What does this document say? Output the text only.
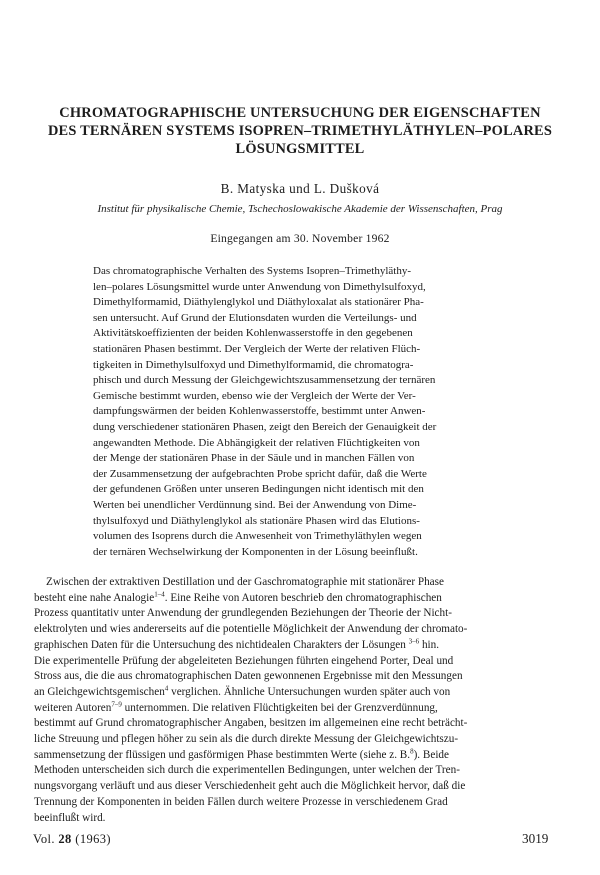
CHROMATOGRAPHISCHE UNTERSUCHUNG DER EIGENSCHAFTEN
DES TERNÄREN SYSTEMS ISOPREN–TRIMETHYLÄTHYLEN–POLARES
LÖSUNGSMITTEL
B. Matyska und L. Dušková
Institut für physikalische Chemie, Tschechoslowakische Akademie der Wissenschaften, Prag
Eingegangen am 30. November 1962
Das chromatographische Verhalten des Systems Isopren–Trimethyläthy-
len–polares Lösungsmittel wurde unter Anwendung von Dimethylsulfoxyd,
Dimethylformamid, Diäthylenglykol und Diäthyloxalat als stationärer Pha-
sen untersucht. Auf Grund der Elutionsdaten wurden die Verteilungs- und
Aktivitätskoeffizienten der beiden Kohlenwasserstoffe in den gegebenen
stationären Phasen bestimmt. Der Vergleich der Werte der relativen Flüch-
tigkeiten in Dimethylsulfoxyd und Dimethylformamid, die chromatogra-
phisch und durch Messung der Gleichgewichtszusammensetzung der ternären
Gemische bestimmt wurden, ebenso wie der Vergleich der Werte der Ver-
dampfungswärmen der beiden Kohlenwasserstoffe, bestimmt unter Anwen-
dung verschiedener stationären Phasen, zeigt den Bereich der Genauigkeit der
angewandten Methode. Die Abhängigkeit der relativen Flüchtigkeiten von
der Menge der stationären Phase in der Säule und in manchen Fällen von
der Zusammensetzung der aufgebrachten Probe spricht dafür, daß die Werte
der gefundenen Größen unter unseren Bedingungen nicht identisch mit den
Werten bei unendlicher Verdünnung sind. Bei der Anwendung von Dime-
thylsulfoxyd und Diäthylenglykol als stationäre Phasen wird das Elutions-
volumen des Isoprens durch die Anwesenheit von Trimethyläthylen wegen
der ternären Wechselwirkung der Komponenten in der Lösung beeinflußt.
Zwischen der extraktiven Destillation und der Gaschromatographie mit stationärer Phase
besteht eine nahe Analogie$^{1-4}$. Eine Reihe von Autoren beschrieb den chromatographischen
Prozess quantitativ unter Anwendung der grundlegenden Beziehungen der Theorie der Nicht-
elektrolyten und wies andererseits auf die potentielle Möglichkeit der Anwendung der chromato-
graphischen Daten für die Untersuchung des nichtidealen Charakters der Lösungen $^{3-6}$ hin.
Die experimentelle Prüfung der abgeleiteten Beziehungen führten eingehend Porter, Deal und
Stross aus, die die aus chromatographischen Daten gewonnenen Ergebnisse mit den Messungen
an Gleichgewichtsgemischen$^4$ verglichen. Ähnliche Untersuchungen wurden später auch von
weiteren Autoren$^{7-9}$ unternommen. Die relativen Flüchtigkeiten bei der Grenzverdünnung,
bestimmt auf Grund chromatographischer Angaben, besitzen im allgemeinen eine recht beträcht-
liche Streuung und pflegen höher zu sein als die durch direkte Messung der Gleichgewichtszu-
sammensetzung der flüssigen und gasförmigen Phase bestimmten Werte (siehe z. B.$^8$). Beide
Methoden unterscheiden sich durch die experimentellen Bedingungen, unter welchen der Tren-
nungsvorgang verläuft und aus dieser Verschiedenheit geht auch die Möglichkeit hervor, daß die
Trennung der Komponenten in beiden Fällen durch weitere Prozesse in verschiedenem Grad
beeinflußt wird.
Vol. 28 (1963)	3019
